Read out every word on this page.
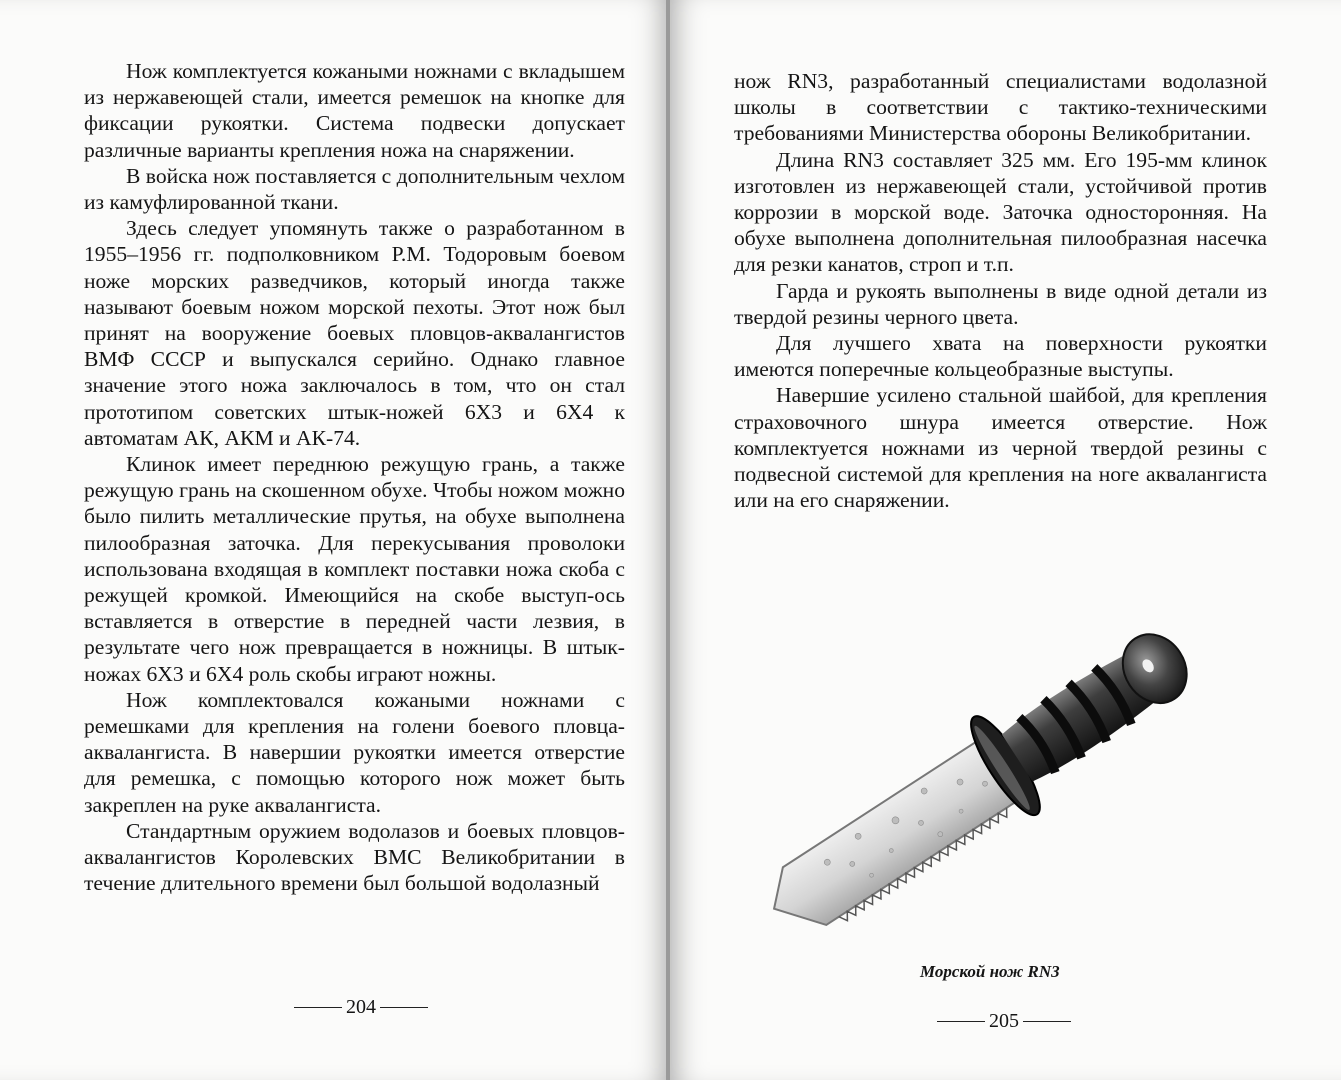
Нож комплектуется кожаными ножнами с вкладышем из нержавеющей стали, имеется ремешок на кнопке для фиксации рукоятки. Система подвески допускает различные варианты крепления ножа на снаряжении.

В войска нож поставляется с дополнительным чехлом из камуфлированной ткани.

Здесь следует упомянуть также о разработанном в 1955–1956 гг. подполковником Р.М. Тодоровым боевом ноже морских разведчиков, который иногда также называют боевым ножом морской пехоты. Этот нож был принят на вооружение боевых пловцов-аквалангистов ВМФ СССР и выпускался серийно. Однако главное значение этого ножа заключалось в том, что он стал прототипом советских штык-ножей 6Х3 и 6Х4 к автоматам АК, АКМ и АК-74.

Клинок имеет переднюю режущую грань, а также режущую грань на скошенном обухе. Чтобы ножом можно было пилить металлические прутья, на обухе выполнена пилообразная заточка. Для перекусывания проволоки использована входящая в комплект поставки ножа скоба с режущей кромкой. Имеющийся на скобе выступ-ось вставляется в отверстие в передней части лезвия, в результате чего нож превращается в ножницы. В штык-ножах 6Х3 и 6Х4 роль скобы играют ножны.

Нож комплектовался кожаными ножнами с ремешками для крепления на голени боевого пловца-аквалангиста. В навершии рукоятки имеется отверстие для ремешка, с помощью которого нож может быть закреплен на руке аквалангиста.

Стандартным оружием водолазов и боевых пловцов-аквалангистов Королевских ВМС Великобритании в течение длительного времени был большой водолазный

204

нож RN3, разработанный специалистами водолазной школы в соответствии с тактико-техническими требованиями Министерства обороны Великобритании.

Длина RN3 составляет 325 мм. Его 195-мм клинок изготовлен из нержавеющей стали, устойчивой против коррозии в морской воде. Заточка односторонняя. На обухе выполнена дополнительная пилообразная насечка для резки канатов, строп и т.п.

Гарда и рукоять выполнены в виде одной детали из твердой резины черного цвета.

Для лучшего хвата на поверхности рукоятки имеются поперечные кольцеобразные выступы.

Навершие усилено стальной шайбой, для крепления страховочного шнура имеется отверстие. Нож комплектуется ножнами из черной твердой резины с подвесной системой для крепления на ноге аквалангиста или на его снаряжении.

Морской нож RN3
205
